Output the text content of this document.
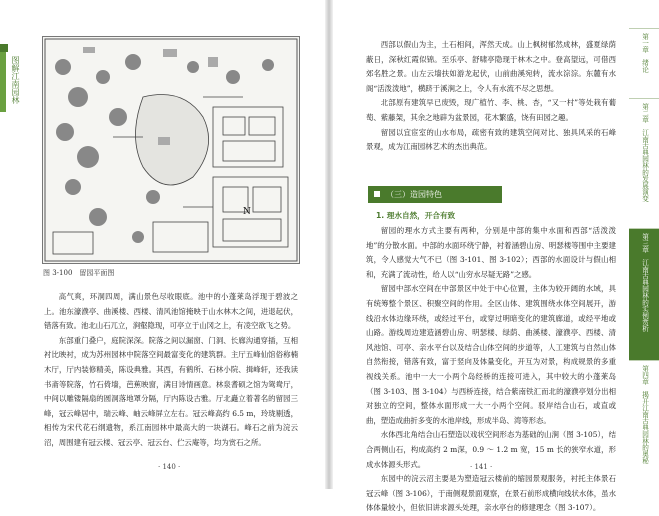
图解江南园林
N
图 3-100　留园平面图

高气爽，环洞四周，满山景色尽收眼底。池中的小蓬莱岛浮现于碧波之上。池东濠濮亭、曲溪楼、西楼、清风池馆掩映于山水林木之间，进退起伏，错落有致。池北山石兀立，涧壑隐现，可亭立于山冈之上，有凌空欲飞之势。

东部重门叠户，庭院深深。院落之间以漏窗、门洞、长廊沟通穿插，互相衬比映衬，成为苏州园林中院落空间最富变化的建筑群。主厅五峰仙馆俗称楠木厅，厅内装修精美，陈设典雅。其西，有鹤所、石林小院、揖峰轩，还我读书斋等院落，竹石倚墙，芭蕉映窗，满目诗情画意。林泉耆硕之馆为鸳鸯厅，中间以雕镂隔扇的圆洞落地罩分隔，厅内陈设古雅。厅北矗立着著名的留园三峰，冠云峰居中，瑞云峰、岫云峰屏立左右。冠云峰高约 6.5 m，玲珑剔透，相传为宋代花石纲遗物，系江南园林中最高大的一块湖石。峰石之前为浣云沼，周围建有冠云楼、冠云亭、冠云台、伫云庵等，均为赏石之所。

· 140 ·

西部以假山为主，土石相间，浑然天成。山上枫树郁然成林，盛夏绿荫蔽日，深秋红霞似锦。至乐亭、舒啸亭隐现于林木之中。登高望远，可借西郊名胜之景。山左云墙扶如游龙起伏，山前曲溪宛转，流水淙淙。东麓有水阁“活泼泼地”，横跻于溪涧之上，令人有水流不尽之思想。

北部原有建筑早已废毁，现广植竹、李、桃、杏，“又一村”等处栽有葡萄、紫藤架，其余之地辟为盆景园，花木繁盛，饶有田园之趣。

留园以宜宦室的山水布局，疏密有致的建筑空间对比、独具风采的石峰景观，成为江南园林艺术的杰出典范。

（三）造园特色
1. 理水自然，开合有致

留园的理水方式主要有两种，分别是中部的集中水面和西部“活泼泼地”的分散水面。中部的水面环绕宁静，衬着涵碧山房、明瑟楼等围中主要建筑，令人感觉大气不已（图 3-101、图 3-102）；西部的水面设计与假山相和，充满了流动性，给人以“山穷水尽疑无路”之感。

留园中部水空间在中部景区中处于中心位置，主体为较开阔的水域，具有统筹整个景区、积聚空间的作用。全区山体、建筑围绕水体空间展开，游线沿水体边缘环绕，或经过平台，或穿过明暗变化的建筑廊道，或经平地或山路。游线周边建造涵碧山房、明瑟楼、绿荫、曲溪楼、濠濮亭、西楼、清风池馆、可亭、亲水平台以及结合山体空间的步道等，人工建筑与自然山体自然衔接，错落有致，富于竖向及体量变化，开互为对景，构成规景的多重视线关系。池中一大一小两个岛经桥的连接可进入，其中较大的小蓬莱岛（图 3-103、图 3-104）与西桥连接，结合紫南铁汇而北的濠濮亭划分出相对独立的空间，整体水面形成一大一小两个空间。驳岸结合山石，或直或曲，塑造成曲折多变的水池岸线，形成半岛、湾等形态。

水体西北角结合山石塑造以戏状空间形态为基础的山涧（图 3-105），结合两侧山石，构成高约 2 m深，0.9 ～ 1.2 m 宽，15 m 长的狭窄水道，形成水体源头形式。

东园中的浣云沼主要是为塑造冠云楼前的缩园景观服务，衬托主体景石冠云峰（图 3-106），于南侧观景面观察，在景石前形成横向线状水体，虽水体体量较小，但依旧讲求源头处理，亲水亭台的修建理念（图 3-107）。

· 141 ·
第一章　绪论
第二章　江南古典园林的发展演变
第三章　江南古典园林的实例赏析
第四章　揭开江南古典园林的奥秘
